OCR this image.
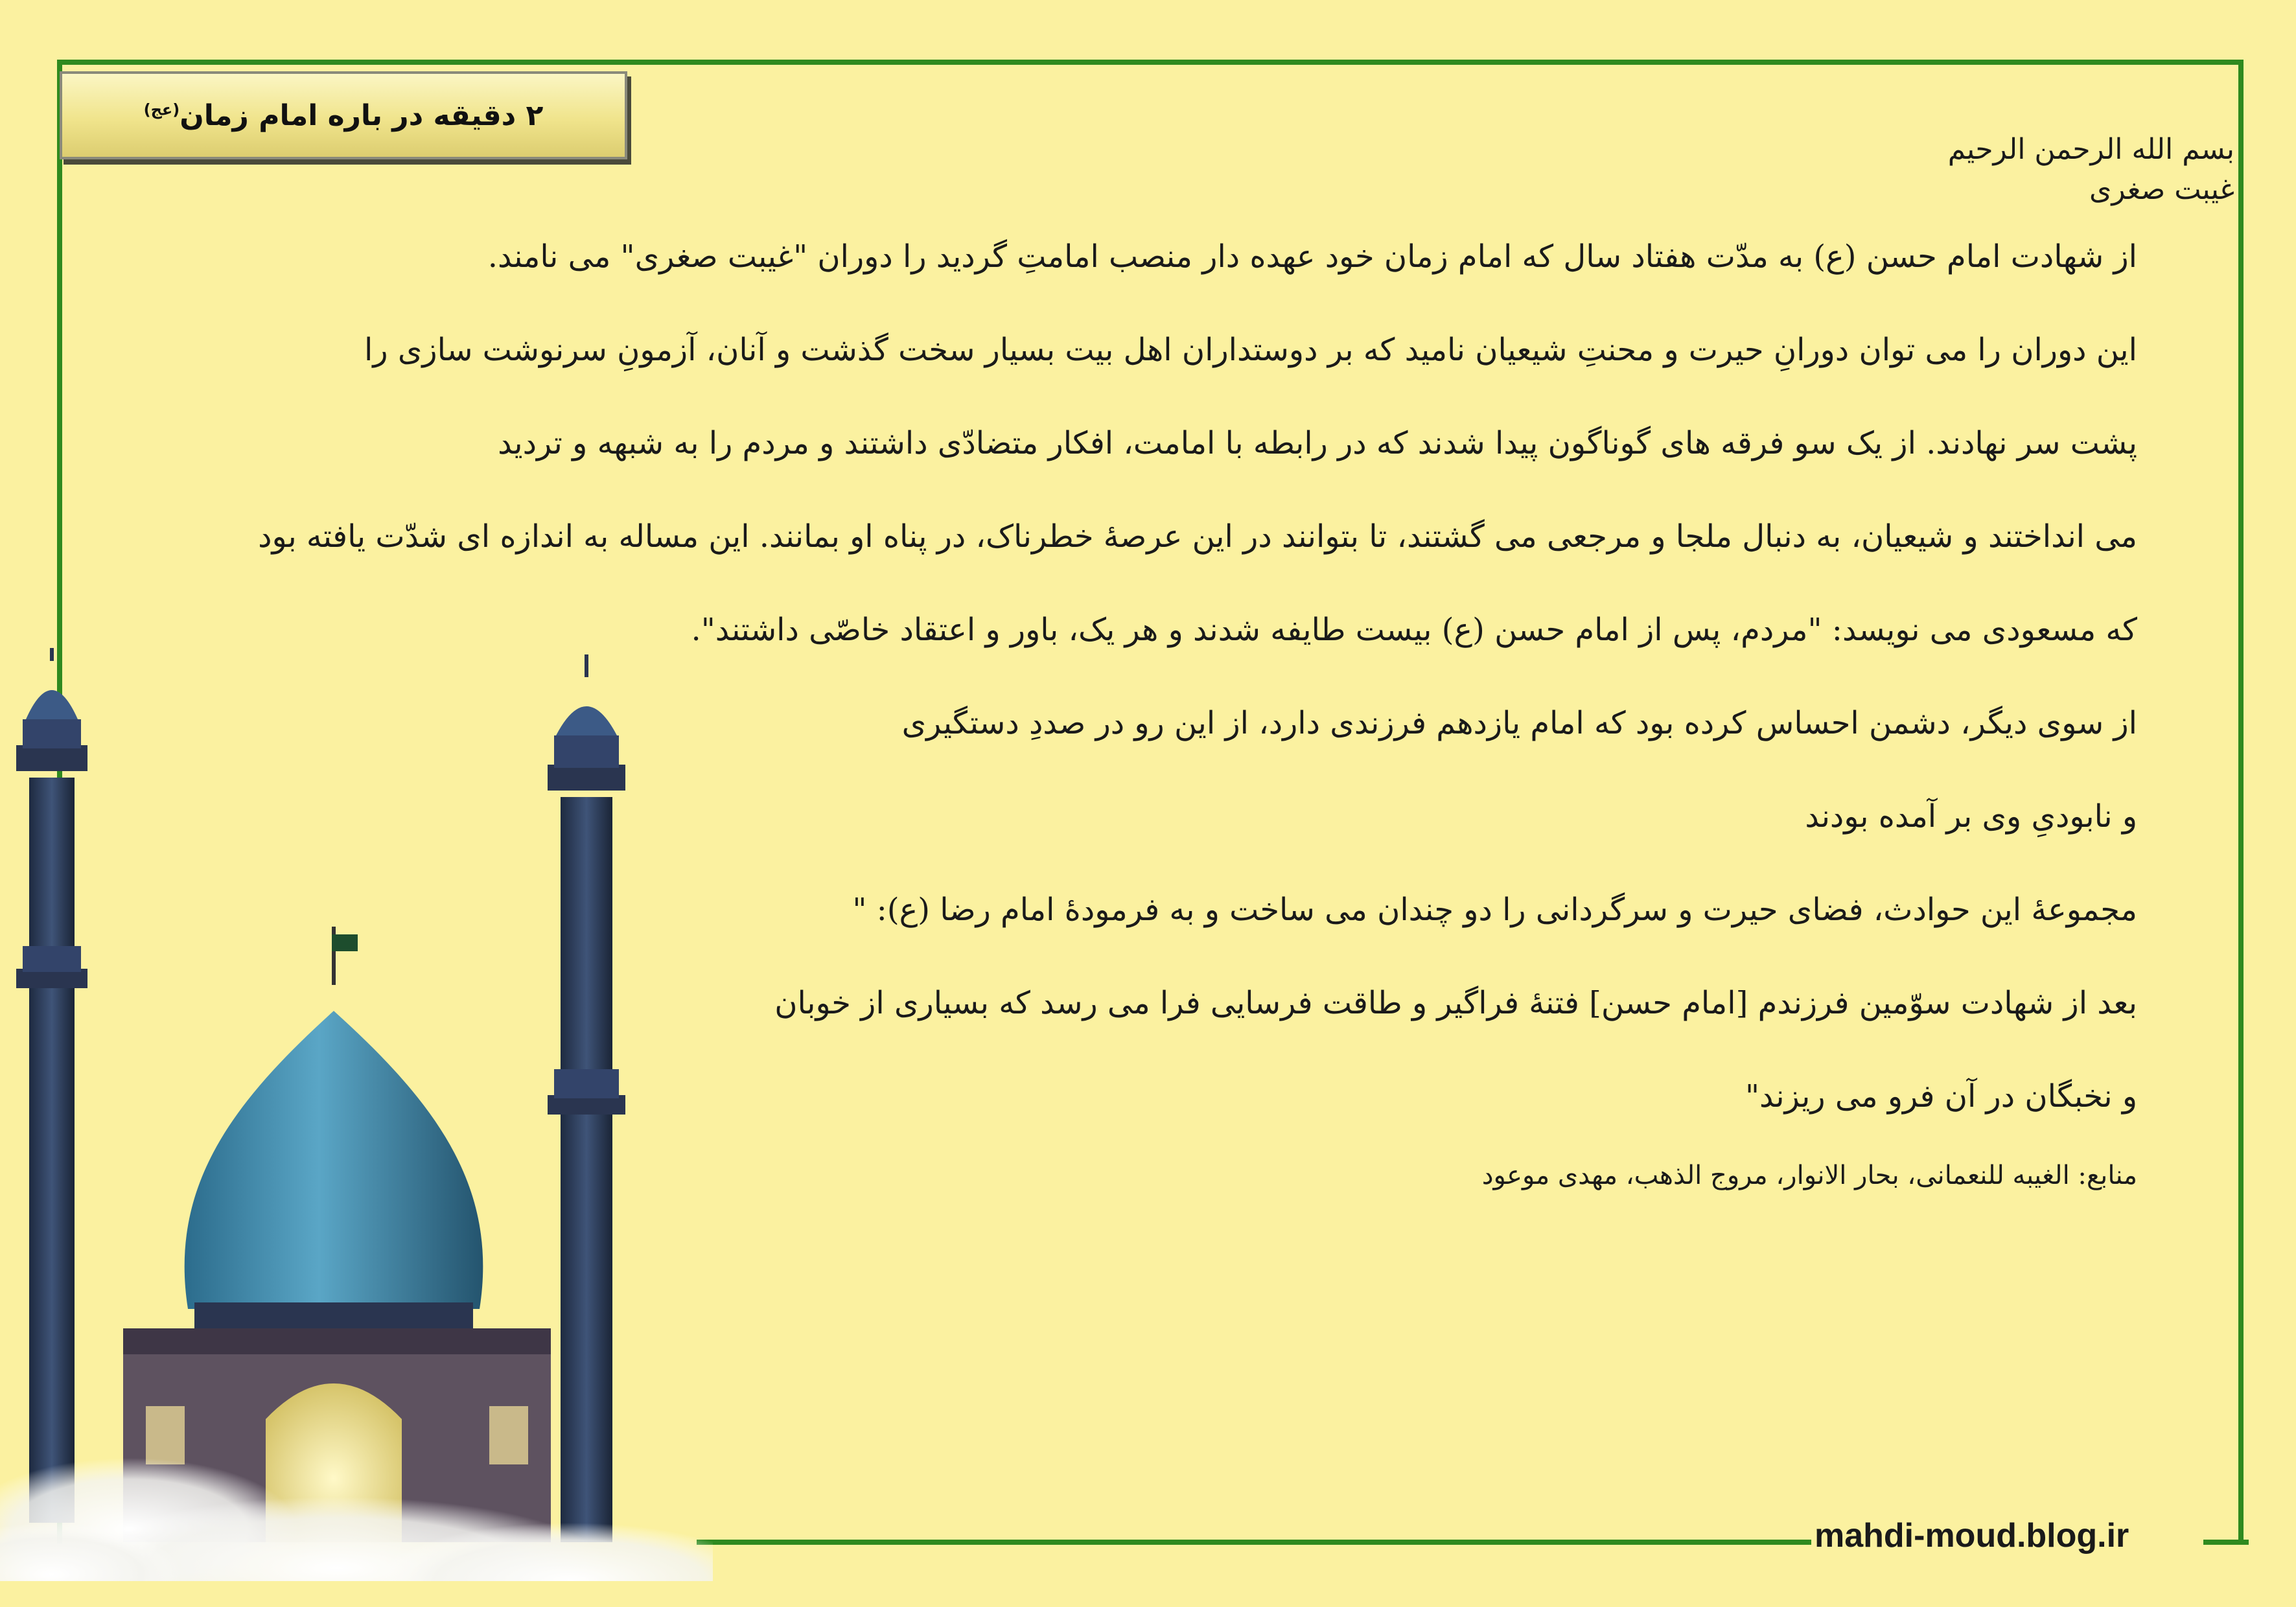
۲ دقیقه در باره امام زمان$^{(عج)}$
بسم الله الرحمن الرحیم
غیبت صغری
از شهادت امام حسن (ع) به مدّت هفتاد سال که امام زمان خود عهده دار منصب امامتِ گردید را دوران "غیبت صغری" می نامند.
این دوران را می توان دورانِ حیرت و محنتِ شیعیان نامید که بر دوستداران اهل بیت بسیار سخت گذشت و آنان، آزمونِ سرنوشت سازی را
پشت سر نهادند. از یک سو فرقه های گوناگون پیدا شدند که در رابطه با امامت، افکار متضادّی داشتند و مردم را به شبهه و تردید
می انداختند و شیعیان، به دنبال ملجا و مرجعی می گشتند، تا بتوانند در این عرصهٔ خطرناک، در پناه او بمانند. این مساله به اندازه ای شدّت یافته بود
که مسعودی می نویسد: "مردم، پس از امام حسن (ع) بیست طایفه شدند و هر یک، باور و اعتقاد خاصّی داشتند".
از سوی دیگر، دشمن احساس کرده بود که امام یازدهم فرزندی دارد، از این رو در صددِ دستگیری
و نابودیِ وی بر آمده بودند
مجموعهٔ این حوادث، فضای حیرت و سرگردانی را دو چندان می ساخت و به فرمودهٔ امام رضا (ع): "
بعد از شهادت سوّمین فرزندم [امام حسن] فتنهٔ فراگیر و طاقت فرسایی فرا می رسد که بسیاری از خوبان
و نخبگان در آن فرو می ریزند"
منابع: الغیبه للنعمانی، بحار الانوار، مروج الذهب، مهدی موعود
mahdi-moud.blog.ir
